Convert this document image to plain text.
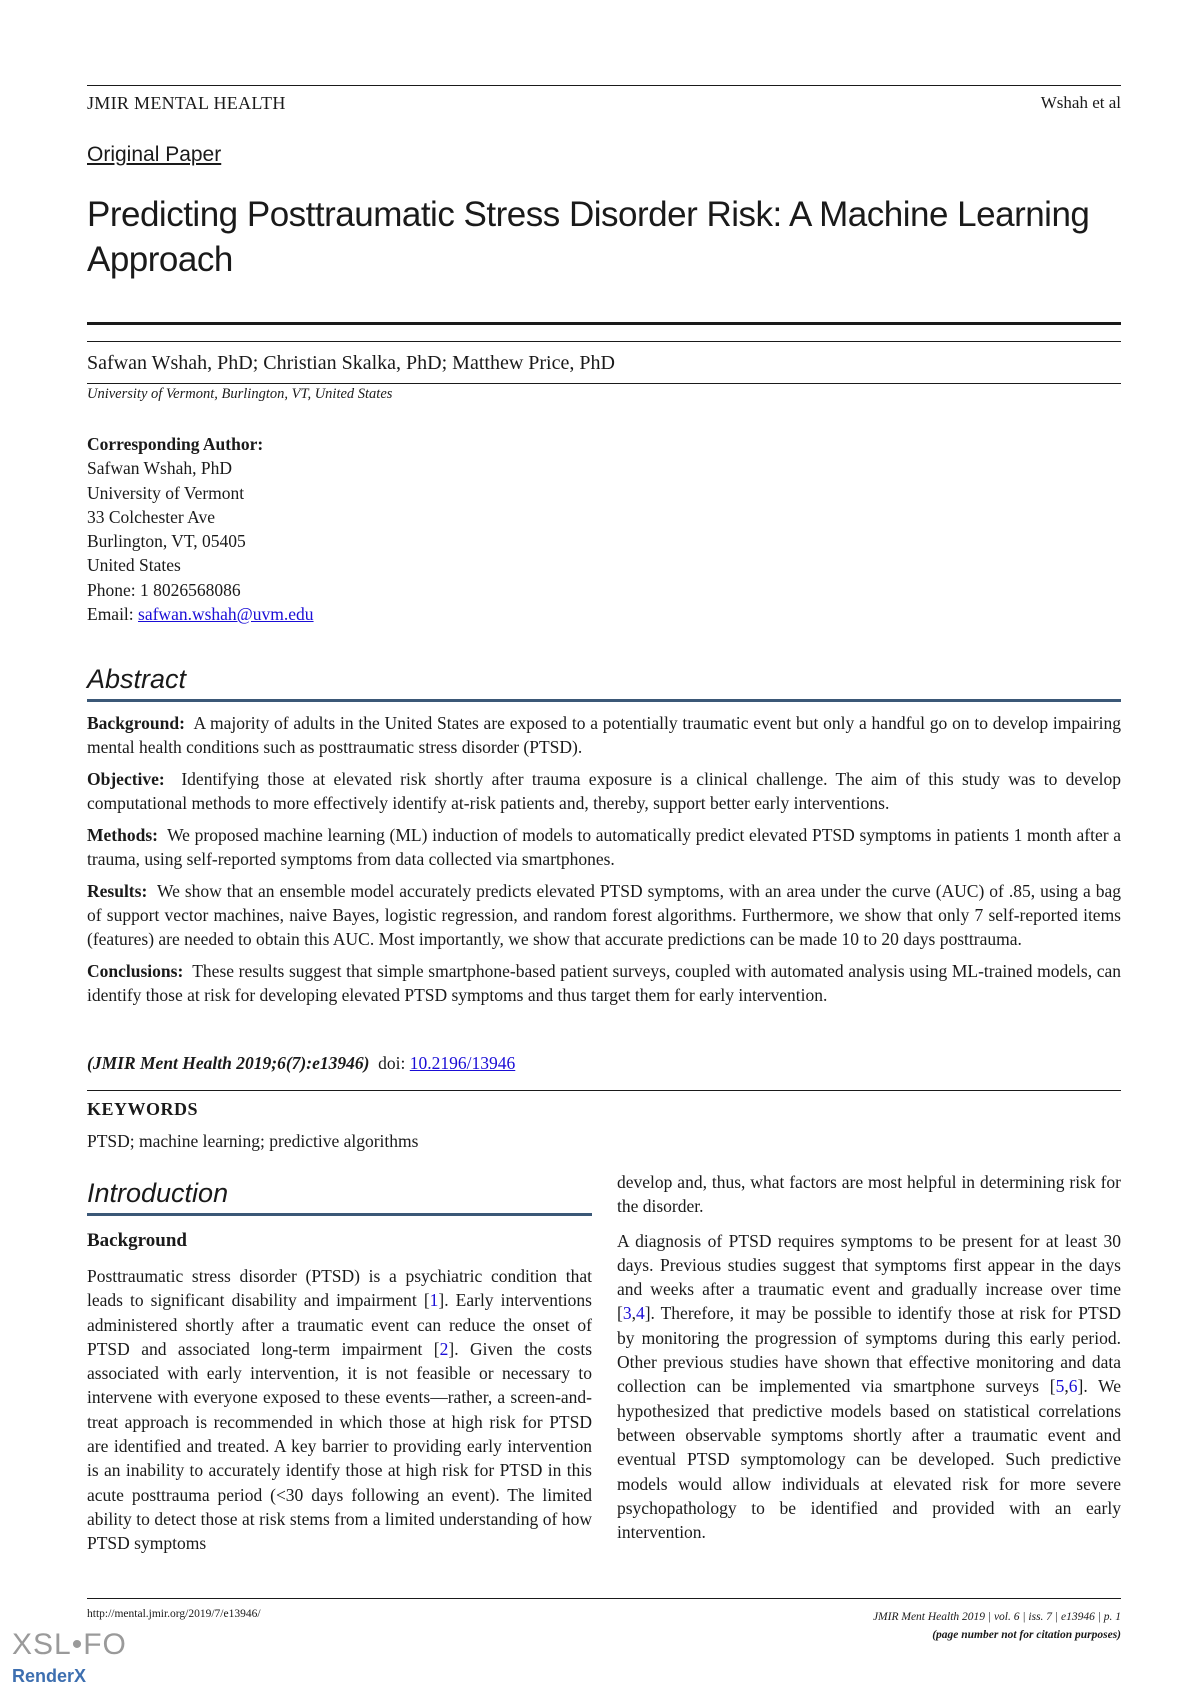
JMIR MENTAL HEALTH	Wshah et al
Original Paper
Predicting Posttraumatic Stress Disorder Risk: A Machine Learning Approach
Safwan Wshah, PhD; Christian Skalka, PhD; Matthew Price, PhD
University of Vermont, Burlington, VT, United States
Corresponding Author:
Safwan Wshah, PhD
University of Vermont
33 Colchester Ave
Burlington, VT, 05405
United States
Phone: 1 8026568086
Email: safwan.wshah@uvm.edu
Abstract

Background: A majority of adults in the United States are exposed to a potentially traumatic event but only a handful go on to develop impairing mental health conditions such as posttraumatic stress disorder (PTSD).

Objective: Identifying those at elevated risk shortly after trauma exposure is a clinical challenge. The aim of this study was to develop computational methods to more effectively identify at-risk patients and, thereby, support better early interventions.

Methods: We proposed machine learning (ML) induction of models to automatically predict elevated PTSD symptoms in patients 1 month after a trauma, using self-reported symptoms from data collected via smartphones.

Results: We show that an ensemble model accurately predicts elevated PTSD symptoms, with an area under the curve (AUC) of .85, using a bag of support vector machines, naive Bayes, logistic regression, and random forest algorithms. Furthermore, we show that only 7 self-reported items (features) are needed to obtain this AUC. Most importantly, we show that accurate predictions can be made 10 to 20 days posttrauma.

Conclusions: These results suggest that simple smartphone-based patient surveys, coupled with automated analysis using ML-trained models, can identify those at risk for developing elevated PTSD symptoms and thus target them for early intervention.

(JMIR Ment Health 2019;6(7):e13946) doi: 10.2196/13946
KEYWORDS
PTSD; machine learning; predictive algorithms
Introduction
Background

Posttraumatic stress disorder (PTSD) is a psychiatric condition that leads to significant disability and impairment [1]. Early interventions administered shortly after a traumatic event can reduce the onset of PTSD and associated long-term impairment [2]. Given the costs associated with early intervention, it is not feasible or necessary to intervene with everyone exposed to these events—rather, a screen-and-treat approach is recommended in which those at high risk for PTSD are identified and treated. A key barrier to providing early intervention is an inability to accurately identify those at high risk for PTSD in this acute posttrauma period (<30 days following an event). The limited ability to detect those at risk stems from a limited understanding of how PTSD symptoms

develop and, thus, what factors are most helpful in determining risk for the disorder.

A diagnosis of PTSD requires symptoms to be present for at least 30 days. Previous studies suggest that symptoms first appear in the days and weeks after a traumatic event and gradually increase over time [3,4]. Therefore, it may be possible to identify those at risk for PTSD by monitoring the progression of symptoms during this early period. Other previous studies have shown that effective monitoring and data collection can be implemented via smartphone surveys [5,6]. We hypothesized that predictive models based on statistical correlations between observable symptoms shortly after a traumatic event and eventual PTSD symptomology can be developed. Such predictive models would allow individuals at elevated risk for more severe psychopathology to be identified and provided with an early intervention.

http://mental.jmir.org/2019/7/e13946/	JMIR Ment Health 2019 | vol. 6 | iss. 7 | e13946 | p. 1
(page number not for citation purposes)
XSL•FO
RenderX
